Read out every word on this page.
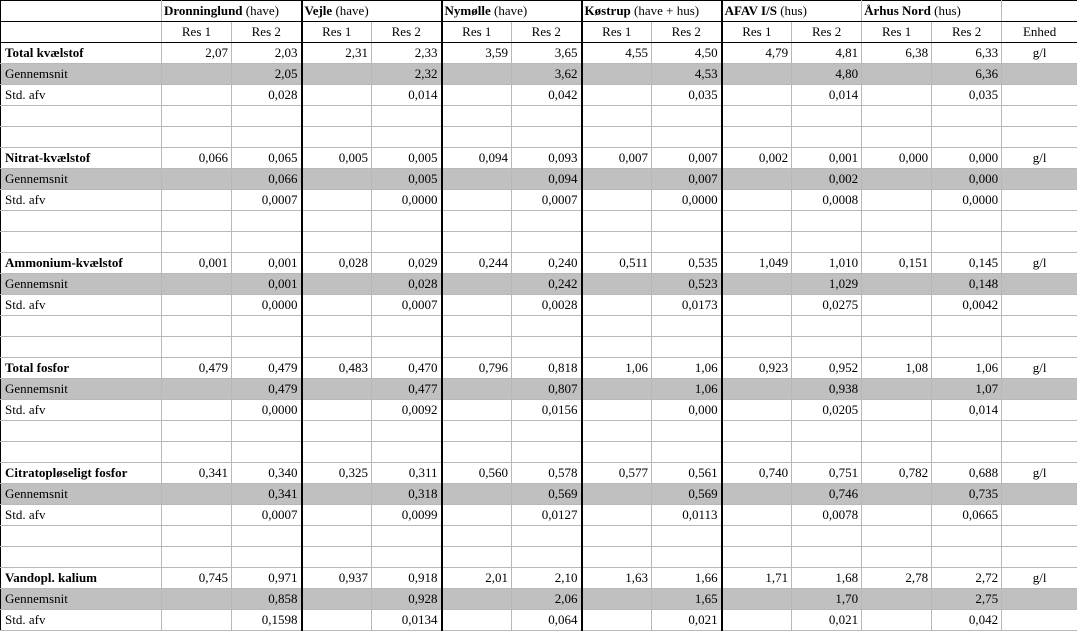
	Dronninglund (have)		Vejle (have)		Nymølle (have)		Køstrup (have + hus)		AFAV I/S (hus)		Århus Nord (hus)		
	Res 1	Res 2	Res 1	Res 2	Res 1	Res 2	Res 1	Res 2	Res 1	Res 2	Res 1	Res 2	Enhed
Total kvælstof	2,07	2,03	2,31	2,33	3,59	3,65	4,55	4,50	4,79	4,81	6,38	6,33	g/l
Gennemsnit		2,05		2,32		3,62		4,53		4,80		6,36	
Std. afv		0,028		0,014		0,042		0,035		0,014		0,035	

Nitrat-kvælstof	0,066	0,065	0,005	0,005	0,094	0,093	0,007	0,007	0,002	0,001	0,000	0,000	g/l
Gennemsnit		0,066		0,005		0,094		0,007		0,002		0,000	
Std. afv		0,0007		0,0000		0,0007		0,0000		0,0008		0,0000	

Ammonium-kvælstof	0,001	0,001	0,028	0,029	0,244	0,240	0,511	0,535	1,049	1,010	0,151	0,145	g/l
Gennemsnit		0,001		0,028		0,242		0,523		1,029		0,148	
Std. afv		0,0000		0,0007		0,0028		0,0173		0,0275		0,0042	

Total fosfor	0,479	0,479	0,483	0,470	0,796	0,818	1,06	1,06	0,923	0,952	1,08	1,06	g/l
Gennemsnit		0,479		0,477		0,807		1,06		0,938		1,07	
Std. afv		0,0000		0,0092		0,0156		0,000		0,0205		0,014	

Citratopløseligt fosfor	0,341	0,340	0,325	0,311	0,560	0,578	0,577	0,561	0,740	0,751	0,782	0,688	g/l
Gennemsnit		0,341		0,318		0,569		0,569		0,746		0,735	
Std. afv		0,0007		0,0099		0,0127		0,0113		0,0078		0,0665	

Vandopl. kalium	0,745	0,971	0,937	0,918	2,01	2,10	1,63	1,66	1,71	1,68	2,78	2,72	g/l
Gennemsnit		0,858		0,928		2,06		1,65		1,70		2,75	
Std. afv		0,1598		0,0134		0,064		0,021		0,021		0,042	
